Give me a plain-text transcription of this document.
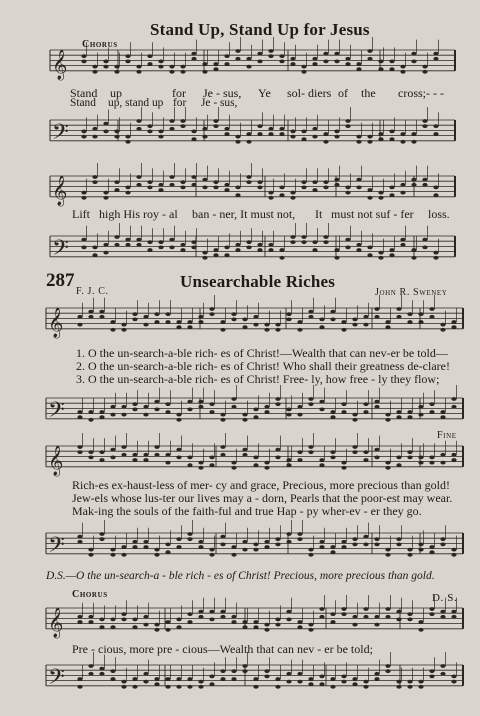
𝄞
𝄢
𝄞
𝄢
𝄞
𝄢
𝄞
𝄢
𝄞
𝄢
Stand Up, Stand Up for Jesus
Chorus
Stand up	for Je - sus, Ye sol- diers of the cross;- - -
Stand up, stand up for Je - sus,
Lift high His roy - al ban - ner, It must not, It must not suf - fer loss.
287	Unsearchable Riches
F. J. C.	John R. Sweney
1. O the un-search-a-ble rich- es of Christ!—Wealth that can nev-er be told—
2. O the un-search-a-ble rich- es of Christ! Who shall their greatness de-clare!
3. O the un-search-a-ble rich- es of Christ! Free- ly, how free - ly they flow;
Fine
Rich-es ex-haust-less of mer- cy and grace, Precious, more precious than gold!
Jew-els whose lus-ter our lives may a - dorn, Pearls that the poor-est may wear.
Mak-ing the souls of the faith-ful and true Hap - py wher-ev - er they go.
D.S.—O the un-search-a - ble rich - es of Christ! Precious, more precious than gold.
Chorus	D. S.
Pre - cious, more pre - cious—Wealth that can nev - er be told;
